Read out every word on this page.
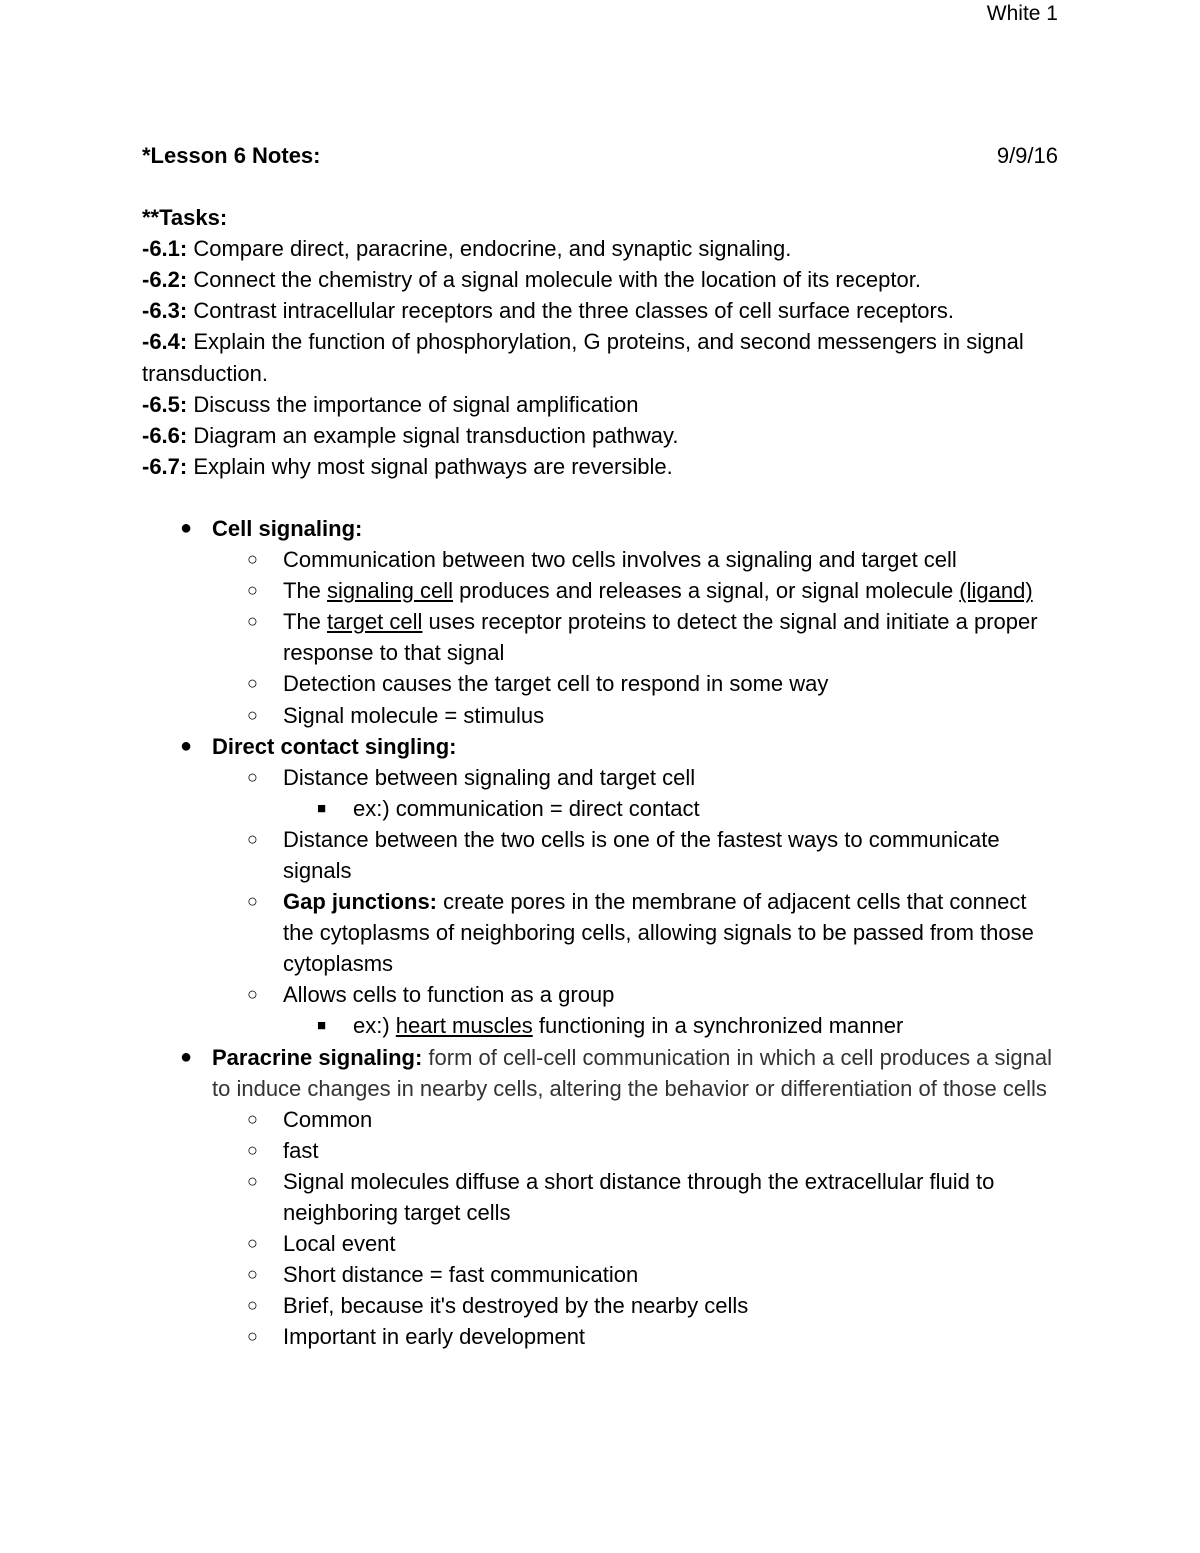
White 1
*Lesson 6 Notes:	9/9/16
**Tasks:
-6.1: Compare direct, paracrine, endocrine, and synaptic signaling.
-6.2: Connect the chemistry of a signal molecule with the location of its receptor.
-6.3: Contrast intracellular receptors and the three classes of cell surface receptors.
-6.4: Explain the function of phosphorylation, G proteins, and second messengers in signal transduction.
-6.5: Discuss the importance of signal amplification
-6.6: Diagram an example signal transduction pathway.
-6.7: Explain why most signal pathways are reversible.
● Cell signaling:
○ Communication between two cells involves a signaling and target cell
○ The signaling cell produces and releases a signal, or signal molecule (ligand)
○ The target cell uses receptor proteins to detect the signal and initiate a proper response to that signal
○ Detection causes the target cell to respond in some way
○ Signal molecule = stimulus
● Direct contact singling:
○ Distance between signaling and target cell
■ ex:) communication = direct contact
○ Distance between the two cells is one of the fastest ways to communicate signals
○ Gap junctions: create pores in the membrane of adjacent cells that connect the cytoplasms of neighboring cells, allowing signals to be passed from those cytoplasms
○ Allows cells to function as a group
■ ex:) heart muscles functioning in a synchronized manner
● Paracrine signaling: form of cell-cell communication in which a cell produces a signal to induce changes in nearby cells, altering the behavior or differentiation of those cells
○ Common
○ fast
○ Signal molecules diffuse a short distance through the extracellular fluid to neighboring target cells
○ Local event
○ Short distance = fast communication
○ Brief, because it's destroyed by the nearby cells
○ Important in early development
